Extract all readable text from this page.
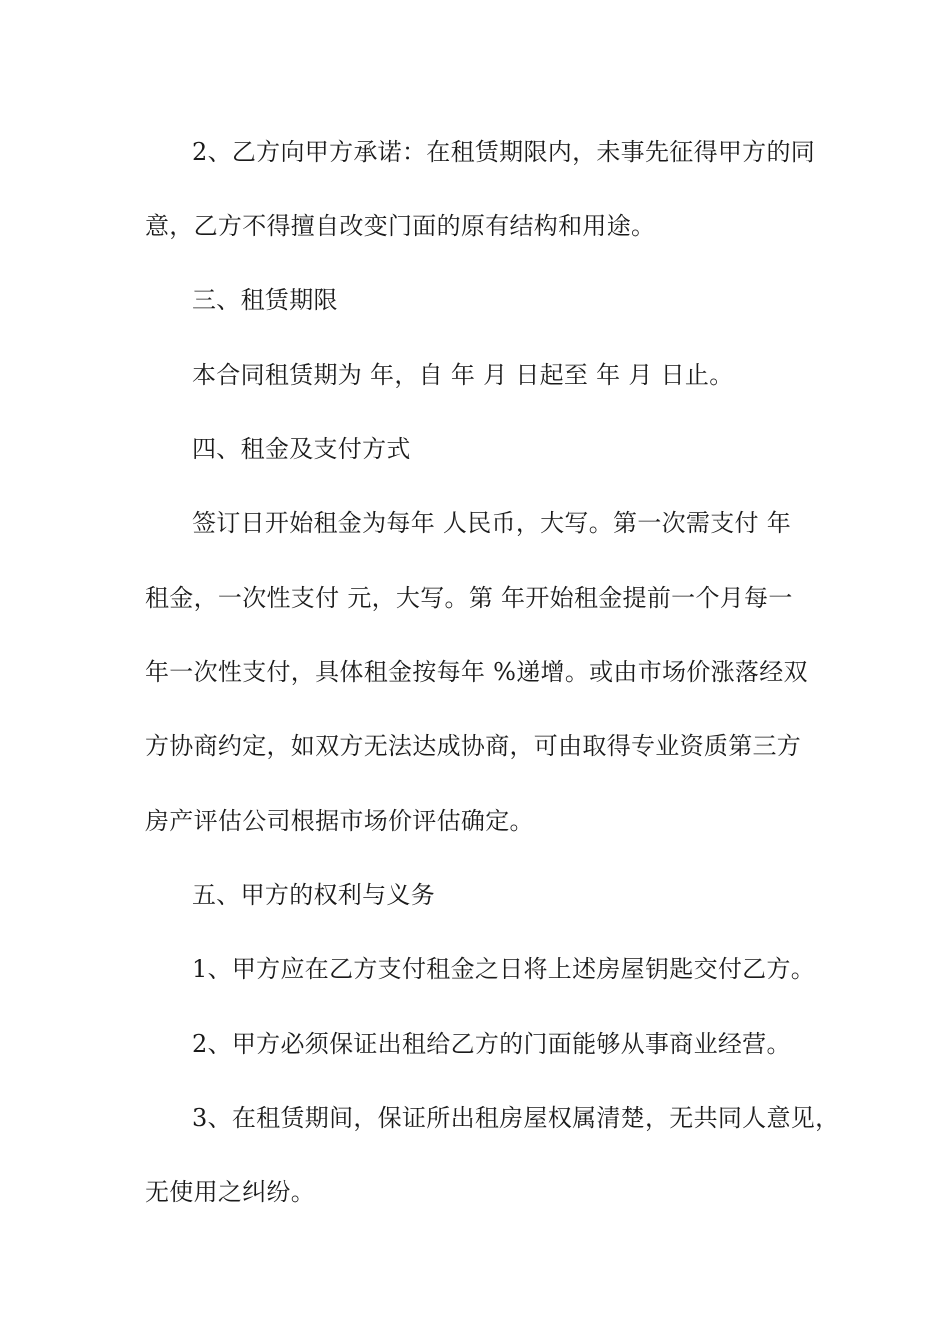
2、乙方向甲方承诺：在租赁期限内，未事先征得甲方的同
意，乙方不得擅自改变门面的原有结构和用途。
三、租赁期限
本合同租赁期为 年，自 年 月 日起至 年 月 日止。
四、租金及支付方式
签订日开始租金为每年 人民币，大写。第一次需支付 年
租金，一次性支付 元，大写。第 年开始租金提前一个月每一
年一次性支付，具体租金按每年 %递增。或由市场价涨落经双
方协商约定，如双方无法达成协商，可由取得专业资质第三方
房产评估公司根据市场价评估确定。
五、甲方的权利与义务
1、甲方应在乙方支付租金之日将上述房屋钥匙交付乙方。
2、甲方必须保证出租给乙方的门面能够从事商业经营。
3、在租赁期间，保证所出租房屋权属清楚，无共同人意见，
无使用之纠纷。
